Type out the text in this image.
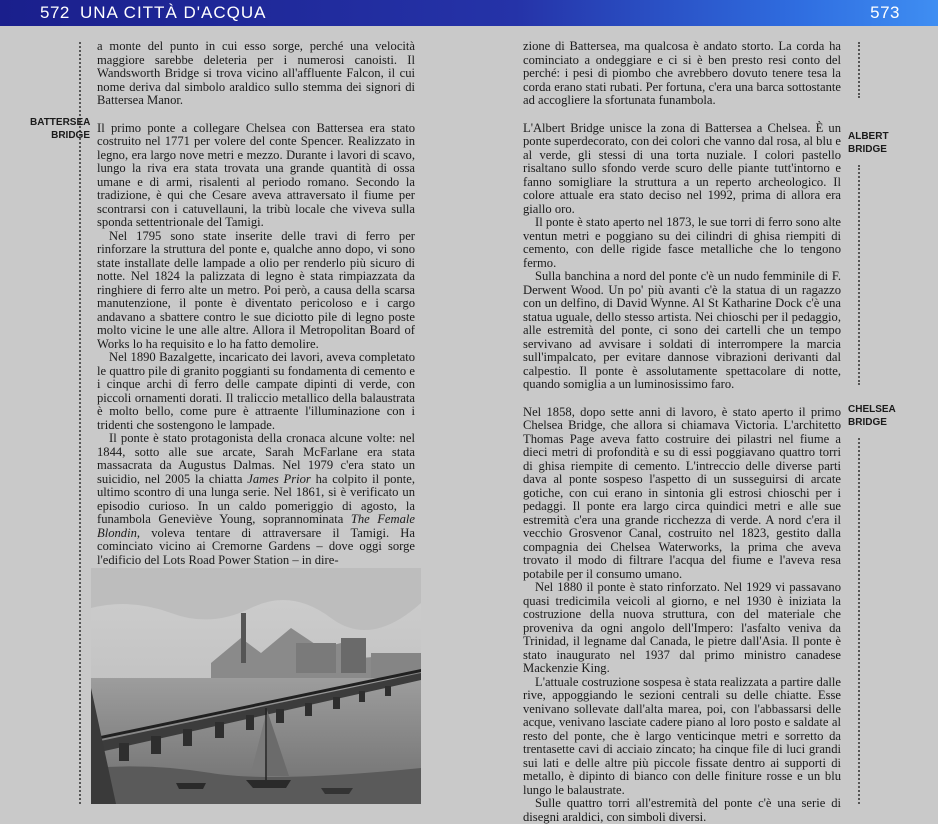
572 UNA CITTÀ D'ACQUA	573
BATTERSEA
BRIDGE	ALBERT
BRIDGE
CHELSEA
BRIDGE

a monte del punto in cui esso sorge, perché una velocità maggiore sarebbe deleteria per i numerosi canoisti. Il Wandsworth Bridge si trova vicino all'affluente Falcon, il cui nome deriva dal simbolo araldico sullo stemma dei signori di Battersea Manor.

Il primo ponte a collegare Chelsea con Battersea era stato costruito nel 1771 per volere del conte Spencer. Realizzato in legno, era largo nove metri e mezzo. Durante i lavori di scavo, lungo la riva era stata trovata una grande quantità di ossa umane e di armi, risalenti al periodo romano. Secondo la tradizione, è qui che Cesare aveva attraversato il fiume per scontrarsi con i catuvellauni, la tribù locale che viveva sulla sponda settentrionale del Tamigi.

Nel 1795 sono state inserite delle travi di ferro per rinforzare la struttura del ponte e, qualche anno dopo, vi sono state installate delle lampade a olio per renderlo più sicuro di notte. Nel 1824 la palizzata di legno è stata rimpiazzata da ringhiere di ferro alte un metro. Poi però, a causa della scarsa manutenzione, il ponte è diventato pericoloso e i cargo andavano a sbattere contro le sue diciotto pile di legno poste molto vicine le une alle altre. Allora il Metropolitan Board of Works lo ha requisito e lo ha fatto demolire.

Nel 1890 Bazalgette, incaricato dei lavori, aveva completato le quattro pile di granito poggianti su fondamenta di cemento e i cinque archi di ferro delle campate dipinti di verde, con piccoli ornamenti dorati. Il traliccio metallico della balaustrata è molto bello, come pure è attraente l'illuminazione con i tridenti che sostengono le lampade.

Il ponte è stato protagonista della cronaca alcune volte: nel 1844, sotto alle sue arcate, Sarah McFarlane era stata massacrata da Augustus Dalmas. Nel 1979 c'era stato un suicidio, nel 2005 la chiatta James Prior ha colpito il ponte, ultimo scontro di una lunga serie. Nel 1861, si è verificato un episodio curioso. In un caldo pomeriggio di agosto, la funambola Geneviève Young, soprannominata The Female Blondin, voleva tentare di attraversare il Tamigi. Ha cominciato vicino ai Cremorne Gardens – dove oggi sorge l'edificio del Lots Road Power Station – in dire-

zione di Battersea, ma qualcosa è andato storto. La corda ha cominciato a ondeggiare e ci si è ben presto resi conto del perché: i pesi di piombo che avrebbero dovuto tenere tesa la corda erano stati rubati. Per fortuna, c'era una barca sottostante ad accogliere la sfortunata funambola.

L'Albert Bridge unisce la zona di Battersea a Chelsea. È un ponte superdecorato, con dei colori che vanno dal rosa, al blu e al verde, gli stessi di una torta nuziale. I colori pastello risaltano sullo sfondo verde scuro delle piante tutt'intorno e fanno somigliare la struttura a un reperto archeologico. Il colore attuale era stato deciso nel 1992, prima di allora era giallo oro.

Il ponte è stato aperto nel 1873, le sue torri di ferro sono alte ventun metri e poggiano su dei cilindri di ghisa riempiti di cemento, con delle rigide fasce metalliche che lo tengono fermo.

Sulla banchina a nord del ponte c'è un nudo femminile di F. Derwent Wood. Un po' più avanti c'è la statua di un ragazzo con un delfino, di David Wynne. Al St Katharine Dock c'è una statua uguale, dello stesso artista. Nei chioschi per il pedaggio, alle estremità del ponte, ci sono dei cartelli che un tempo servivano ad avvisare i soldati di interrompere la marcia sull'impalcato, per evitare dannose vibrazioni derivanti dal calpestio. Il ponte è assolutamente spettacolare di notte, quando somiglia a un luminosissimo faro.

Nel 1858, dopo sette anni di lavoro, è stato aperto il primo Chelsea Bridge, che allora si chiamava Victoria. L'architetto Thomas Page aveva fatto costruire dei pilastri nel fiume a dieci metri di profondità e su di essi poggiavano quattro torri di ghisa riempite di cemento. L'intreccio delle diverse parti dava al ponte sospeso l'aspetto di un susseguirsi di arcate gotiche, con cui erano in sintonia gli estrosi chioschi per i pedaggi. Il ponte era largo circa quindici metri e alle sue estremità c'era una grande ricchezza di verde. A nord c'era il vecchio Grosvenor Canal, costruito nel 1823, gestito dalla compagnia dei Chelsea Waterworks, la prima che aveva trovato il modo di filtrare l'acqua del fiume e l'aveva resa potabile per il consumo umano.

Nel 1880 il ponte è stato rinforzato. Nel 1929 vi passavano quasi tredicimila veicoli al giorno, e nel 1930 è iniziata la costruzione della nuova struttura, con del materiale che proveniva da ogni angolo dell'Impero: l'asfalto veniva da Trinidad, il legname dal Canada, le pietre dall'Asia. Il ponte è stato inaugurato nel 1937 dal primo ministro canadese Mackenzie King.

L'attuale costruzione sospesa è stata realizzata a partire dalle rive, appoggiando le sezioni centrali su delle chiatte. Esse venivano sollevate dall'alta marea, poi, con l'abbassarsi delle acque, venivano lasciate cadere piano al loro posto e saldate al resto del ponte, che è largo venticinque metri e sorretto da trentasette cavi di acciaio zincato; ha cinque file di luci grandi sui lati e delle altre più piccole fissate dentro ai supporti di metallo, è dipinto di bianco con delle finiture rosse e un blu lungo le balaustrate.

Sulle quattro torri all'estremità del ponte c'è una serie di disegni araldici, con simboli diversi.
